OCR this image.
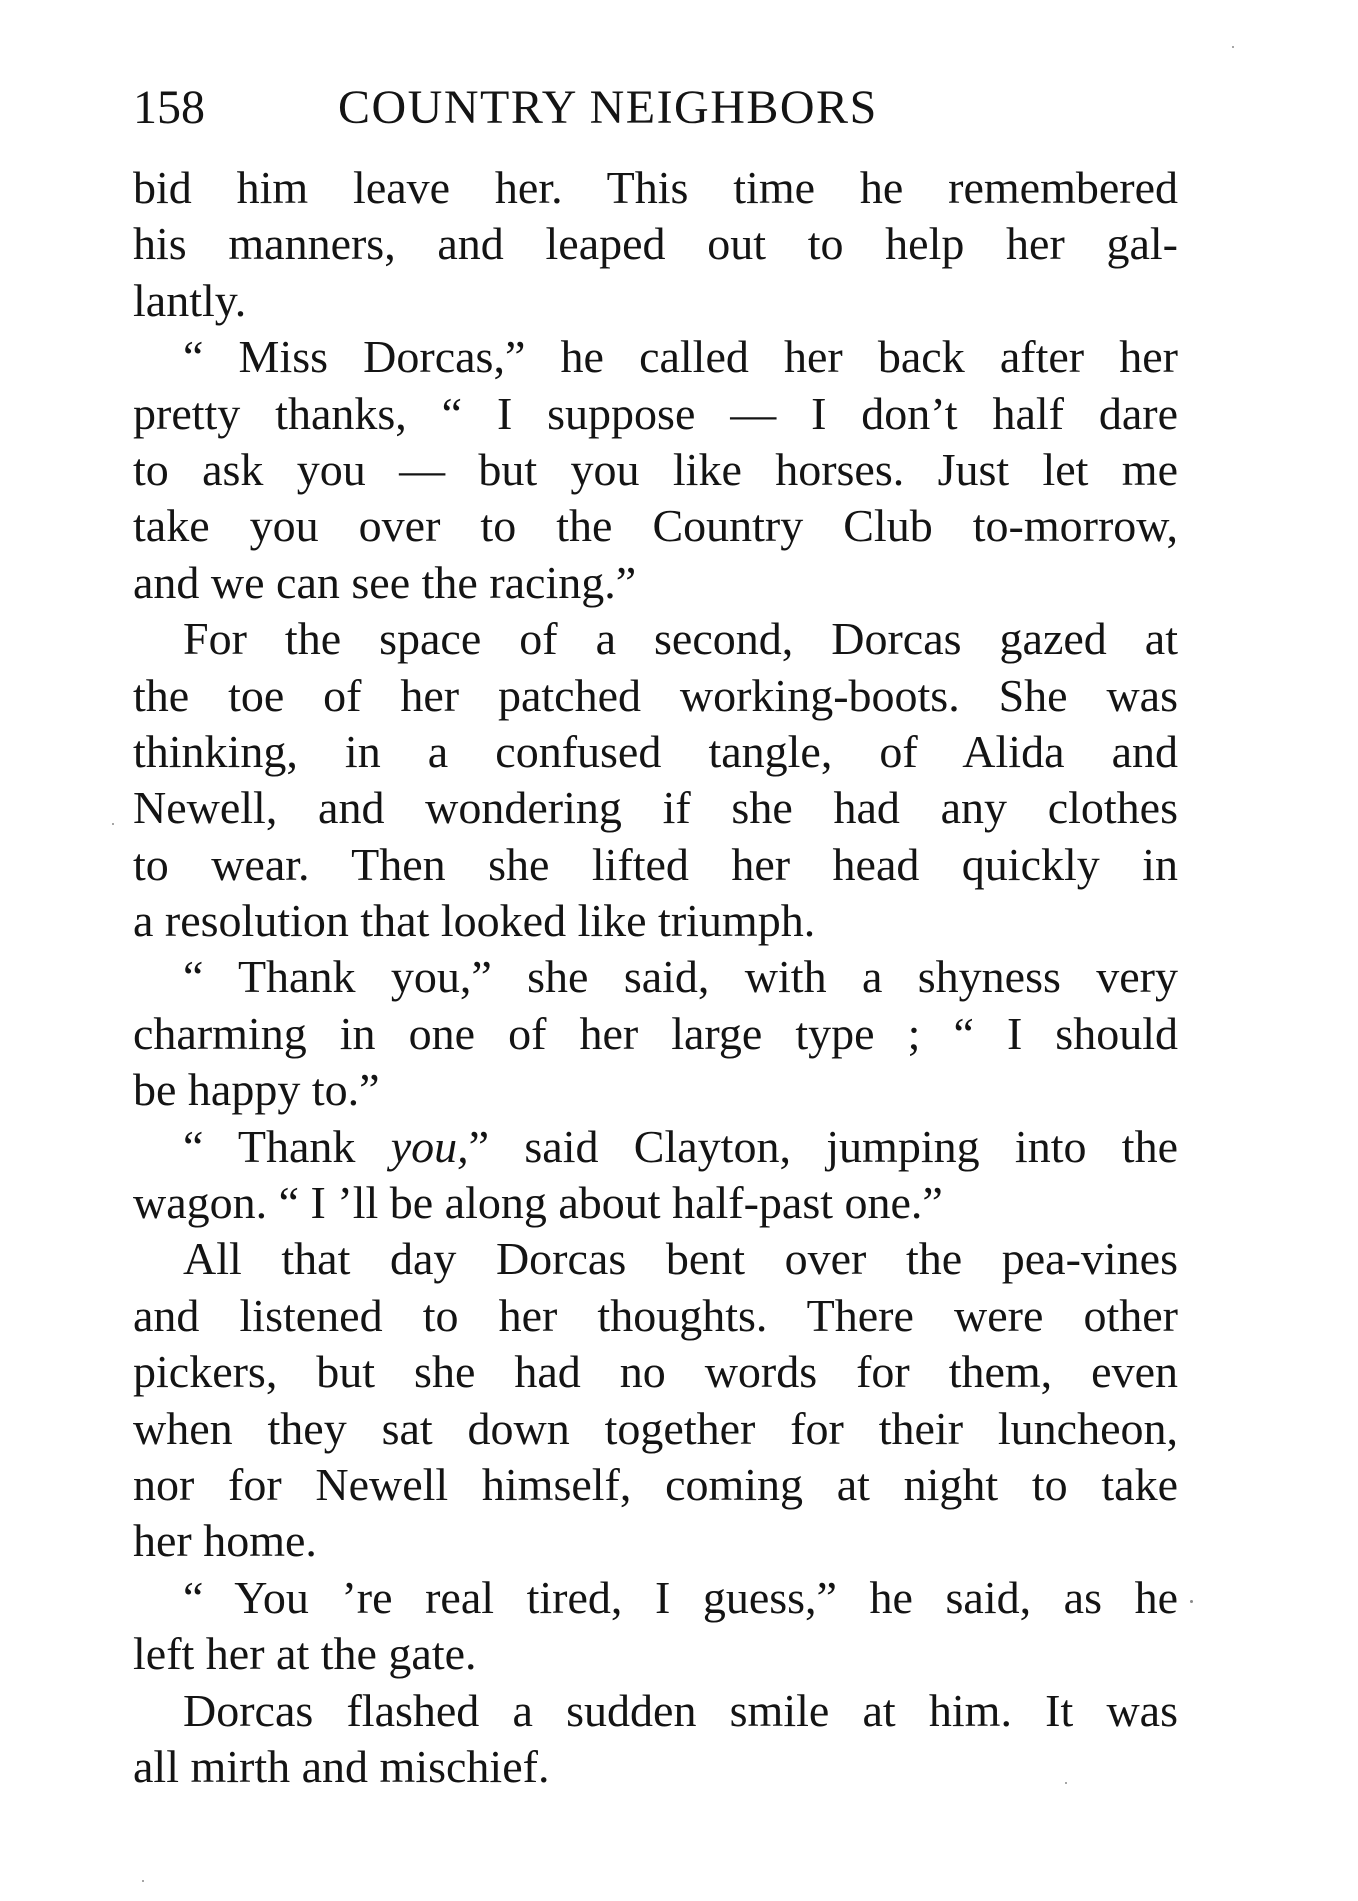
158	COUNTRY NEIGHBORS
bid him leave her. This time he remembered
his manners, and leaped out to help her gal-
lantly.
“ Miss Dorcas,” he called her back after her
pretty thanks, “ I suppose — I don’t half dare
to ask you — but you like horses. Just let me
take you over to the Country Club to-morrow,
and we can see the racing.”
For the space of a second, Dorcas gazed at
the toe of her patched working-boots. She was
thinking, in a confused tangle, of Alida and
Newell, and wondering if she had any clothes
to wear. Then she lifted her head quickly in
a resolution that looked like triumph.
“ Thank you,” she said, with a shyness very
charming in one of her large type ; “ I should
be happy to.”
“ Thank you,” said Clayton, jumping into the
wagon. “ I ’ll be along about half-past one.”
All that day Dorcas bent over the pea-vines
and listened to her thoughts. There were other
pickers, but she had no words for them, even
when they sat down together for their luncheon,
nor for Newell himself, coming at night to take
her home.
“ You ’re real tired, I guess,” he said, as he
left her at the gate.
Dorcas flashed a sudden smile at him. It was
all mirth and mischief.
